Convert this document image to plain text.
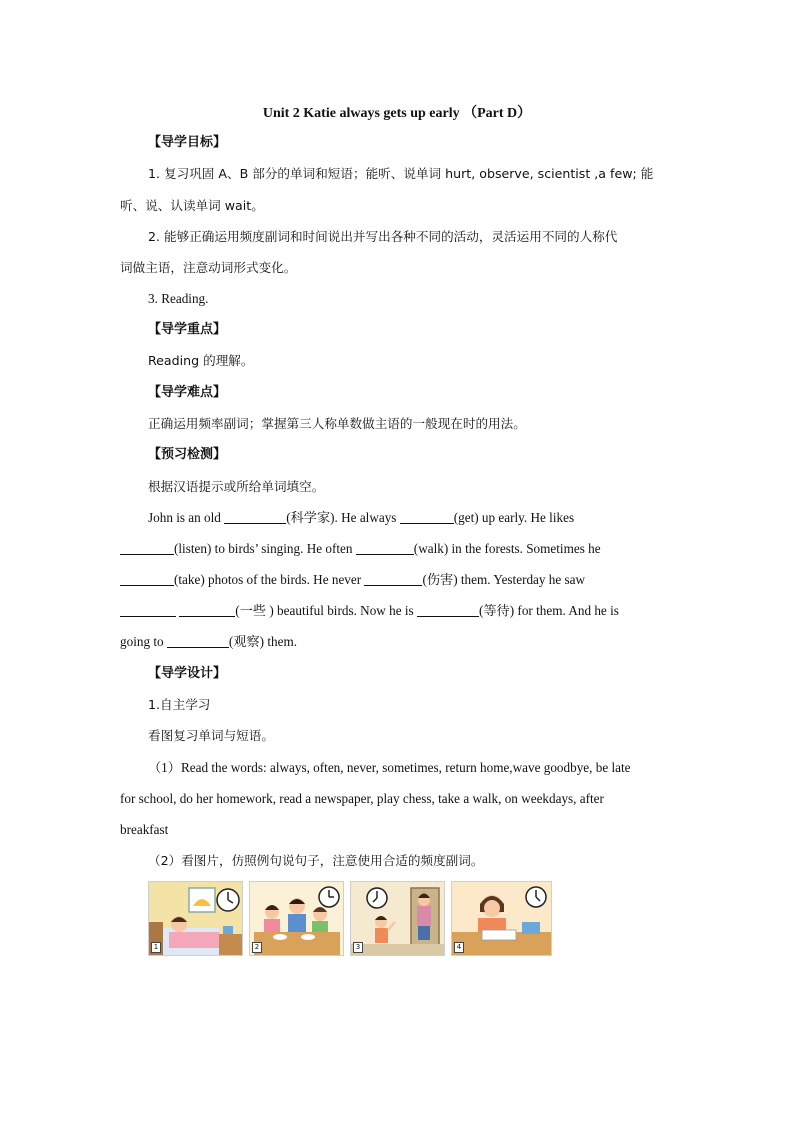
Unit 2 Katie always gets up early （Part D）
【导学目标】
1. 复习巩固 A、B 部分的单词和短语；能听、说单词 hurt, observe, scientist ,a few; 能
听、说、认读单词 wait。
2. 能够正确运用频度副词和时间说出并写出各种不同的活动，灵活运用不同的人称代
词做主语，注意动词形式变化。
3. Reading.
【导学重点】
Reading 的理解。
【导学难点】
正确运用频率副词；掌握第三人称单数做主语的一般现在时的用法。
【预习检测】
根据汉语提示或所给单词填空。
John is an old	(科学家). He always	(get) up early. He likes
(listen) to birds’ singing. He often	(walk) in the forests. Sometimes he
(take) photos of the birds. He never	(伤害) them. Yesterday he saw
(一些 ) beautiful birds. Now he is	(等待) for them. And he is
going to	(观察) them.
【导学设计】
1.自主学习
看图复习单词与短语。
（1）Read the words: always, often, never, sometimes, return home,wave goodbye, be late
for school, do her homework, read a newspaper, play chess, take a walk, on weekdays, after
breakfast
（2）看图片，仿照例句说句子，注意使用合适的频度副词。
1	2	3	4
